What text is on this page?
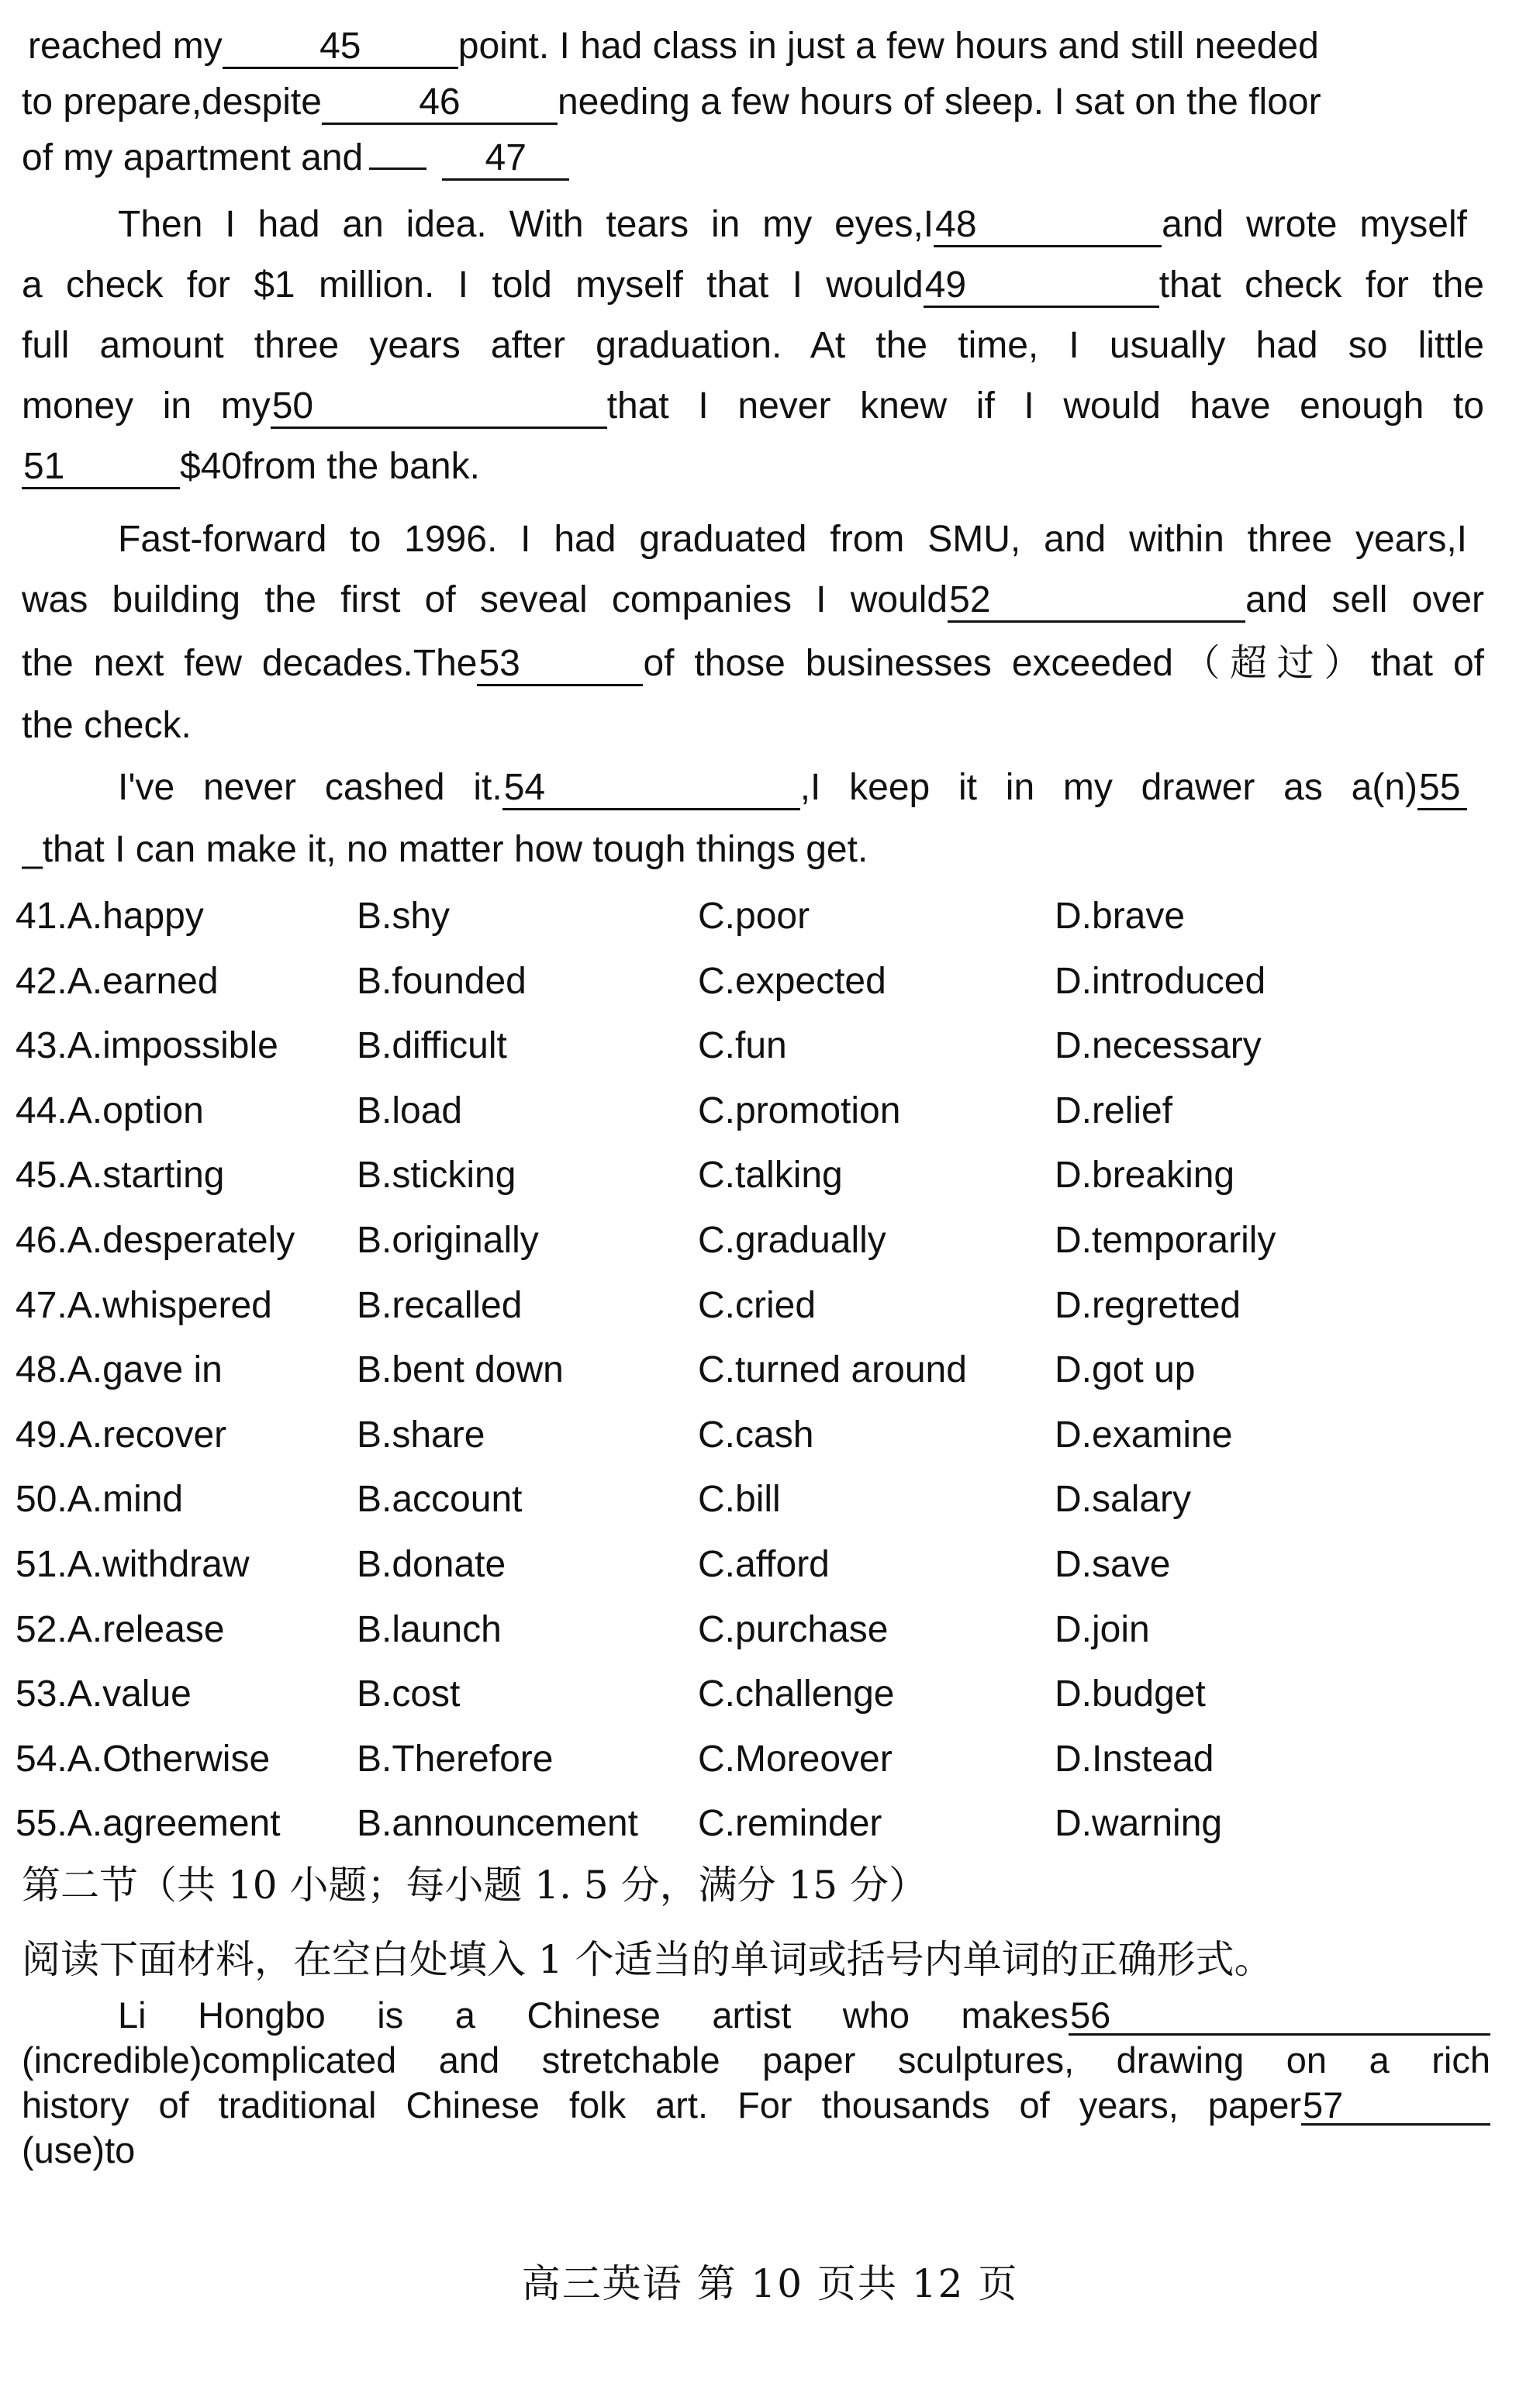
reached my	45	point. I had class in just a few hours and still needed
to prepare,despite	46	needing a few hours of sleep. I sat on the floor
of my apartment and	47
Then I had an idea. With tears in my eyes,I48	and wrote myself
a check for $1 million. I told myself that I would49	that check for the
full amount three years after graduation. At the time, I usually had so little
money in my50	that I never knew if I would have enough to
51	$40from the bank.
Fast-forward to 1996. I had graduated from SMU, and within three years,I
was building the first of seveal companies I would52	and sell over
the next few decades.The53	of those businesses exceeded（超过）that of
the check.
I've never cashed it.54	,I keep it in my drawer as a(n)55
_that I can make it, no matter how tough things get.
41.A.happy	B.shy	C.poor	D.brave
42.A.earned	B.founded	C.expected	D.introduced
43.A.impossible B.difficult	C.fun	D.necessary
44.A.option	B.load	C.promotion	D.relief
45.A.starting	B.sticking	C.talking	D.breaking
46.A.desperately B.originally	C.gradually	D.temporarily
47.A.whispered B.recalled	C.cried	D.regretted
48.A.gave in	B.bent down	C.turned around D.got up
49.A.recover	B.share	C.cash	D.examine
50.A.mind	B.account	C.bill	D.salary
51.A.withdraw	B.donate	C.afford	D.save
52.A.release	B.launch	C.purchase	D.join
53.A.value	B.cost	C.challenge	D.budget
54.A.Otherwise B.Therefore	C.Moreover	D.Instead
55.A.agreement B.announcement C.reminder	D.warning
第二节（共 10 小题；每小题 1. 5 分，满分 15 分）
阅读下面材料，在空白处填入 1 个适当的单词或括号内单词的正确形式。
Li Hongbo is a Chinese artist who makes56
(incredible)complicated and stretchable paper sculptures, drawing on a rich
history of traditional Chinese folk art. For thousands of years, paper57
(use)to
高三英语 第 10 页共 12 页
